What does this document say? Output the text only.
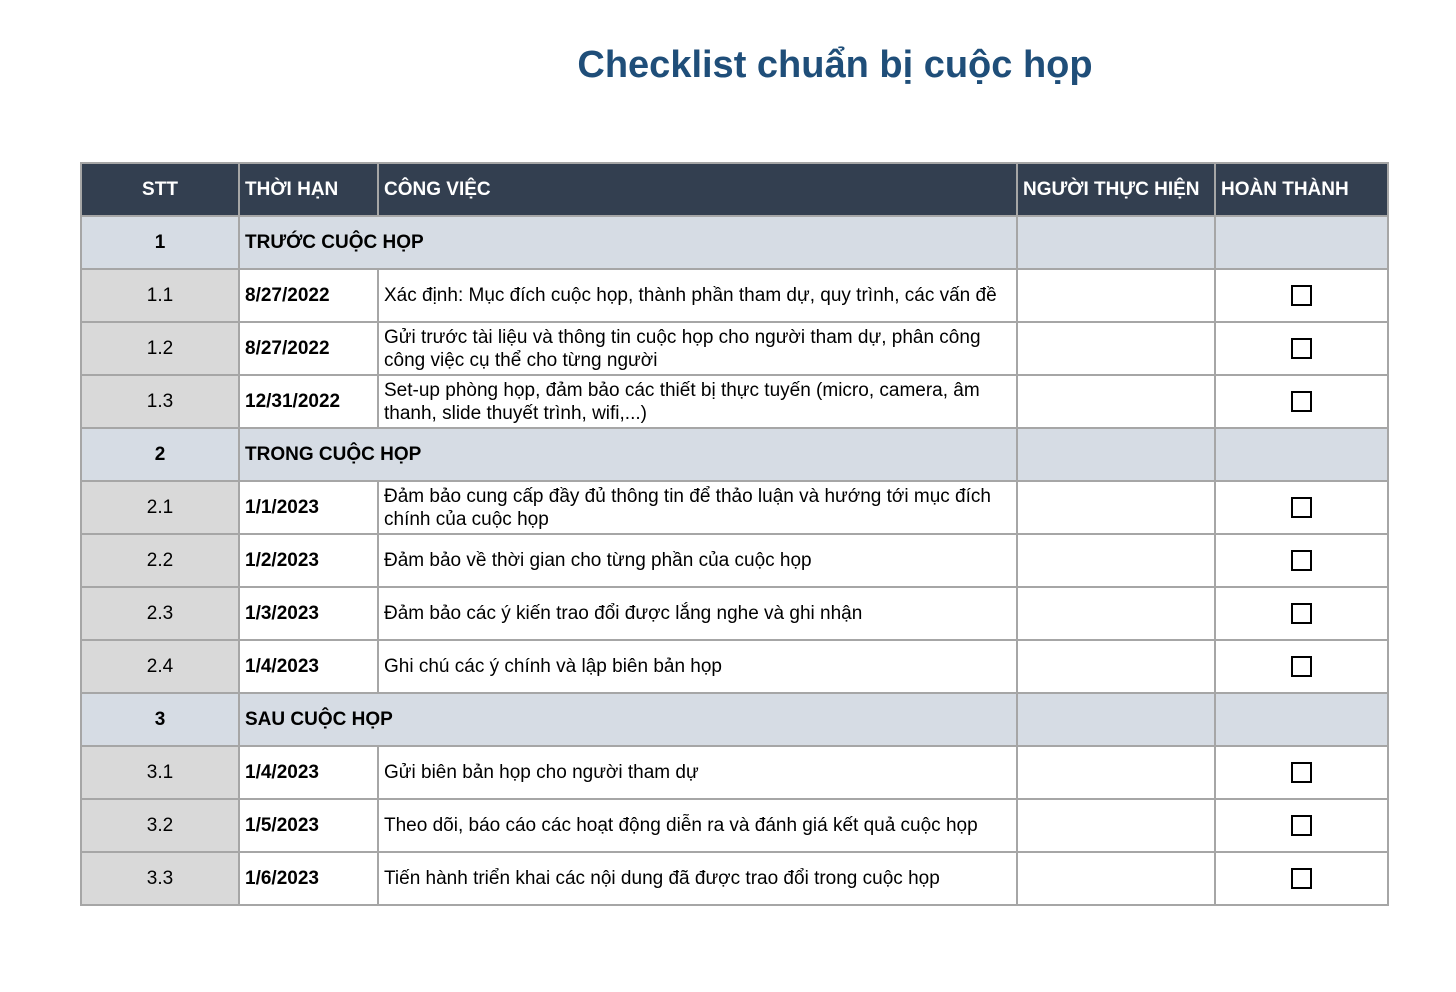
Checklist chuẩn bị cuộc họp
STT	THỜI HẠN	CÔNG VIỆC	NGƯỜI THỰC HIỆN	HOÀN THÀNH
1	TRƯỚC CUỘC HỌP			
1.1	8/27/2022	Xác định: Mục đích cuộc họp, thành phần tham dự, quy trình, các vấn đề		
1.2	8/27/2022	Gửi trước tài liệu và thông tin cuộc họp cho người tham dự, phân công công việc cụ thể cho từng người		
1.3	12/31/2022	Set-up phòng họp, đảm bảo các thiết bị thực tuyến (micro, camera, âm thanh, slide thuyết trình, wifi,...)		
2	TRONG CUỘC HỌP			
2.1	1/1/2023	Đảm bảo cung cấp đầy đủ thông tin để thảo luận và hướng tới mục đích chính của cuộc họp		
2.2	1/2/2023	Đảm bảo về thời gian cho từng phần của cuộc họp		
2.3	1/3/2023	Đảm bảo các ý kiến trao đổi được lắng nghe và ghi nhận		
2.4	1/4/2023	Ghi chú các ý chính và lập biên bản họp		
3	SAU CUỘC HỌP			
3.1	1/4/2023	Gửi biên bản họp cho người tham dự		
3.2	1/5/2023	Theo dõi, báo cáo các hoạt động diễn ra và đánh giá kết quả cuộc họp		
3.3	1/6/2023	Tiến hành triển khai các nội dung đã được trao đổi trong cuộc họp		
